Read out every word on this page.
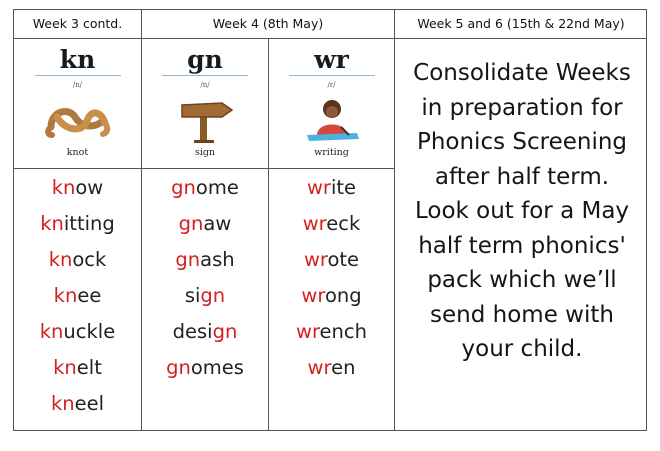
Week 3 contd.	Week 4 (8th May)	Week 5 and 6 (15th & 22nd May)
kn
/n/
knot
gn
/n/
sign
wr
/r/
writing
know
knitting
knock
knee
knuckle
knelt
kneel
gnome
gnaw
gnash
sign
design
gnomes
write
wreck
wrote
wrong
wrench
wren
Consolidate Weeks
in preparation for
Phonics Screening
after half term.
Look out for a May
half term phonics'
pack which we’ll
send home with
your child.
